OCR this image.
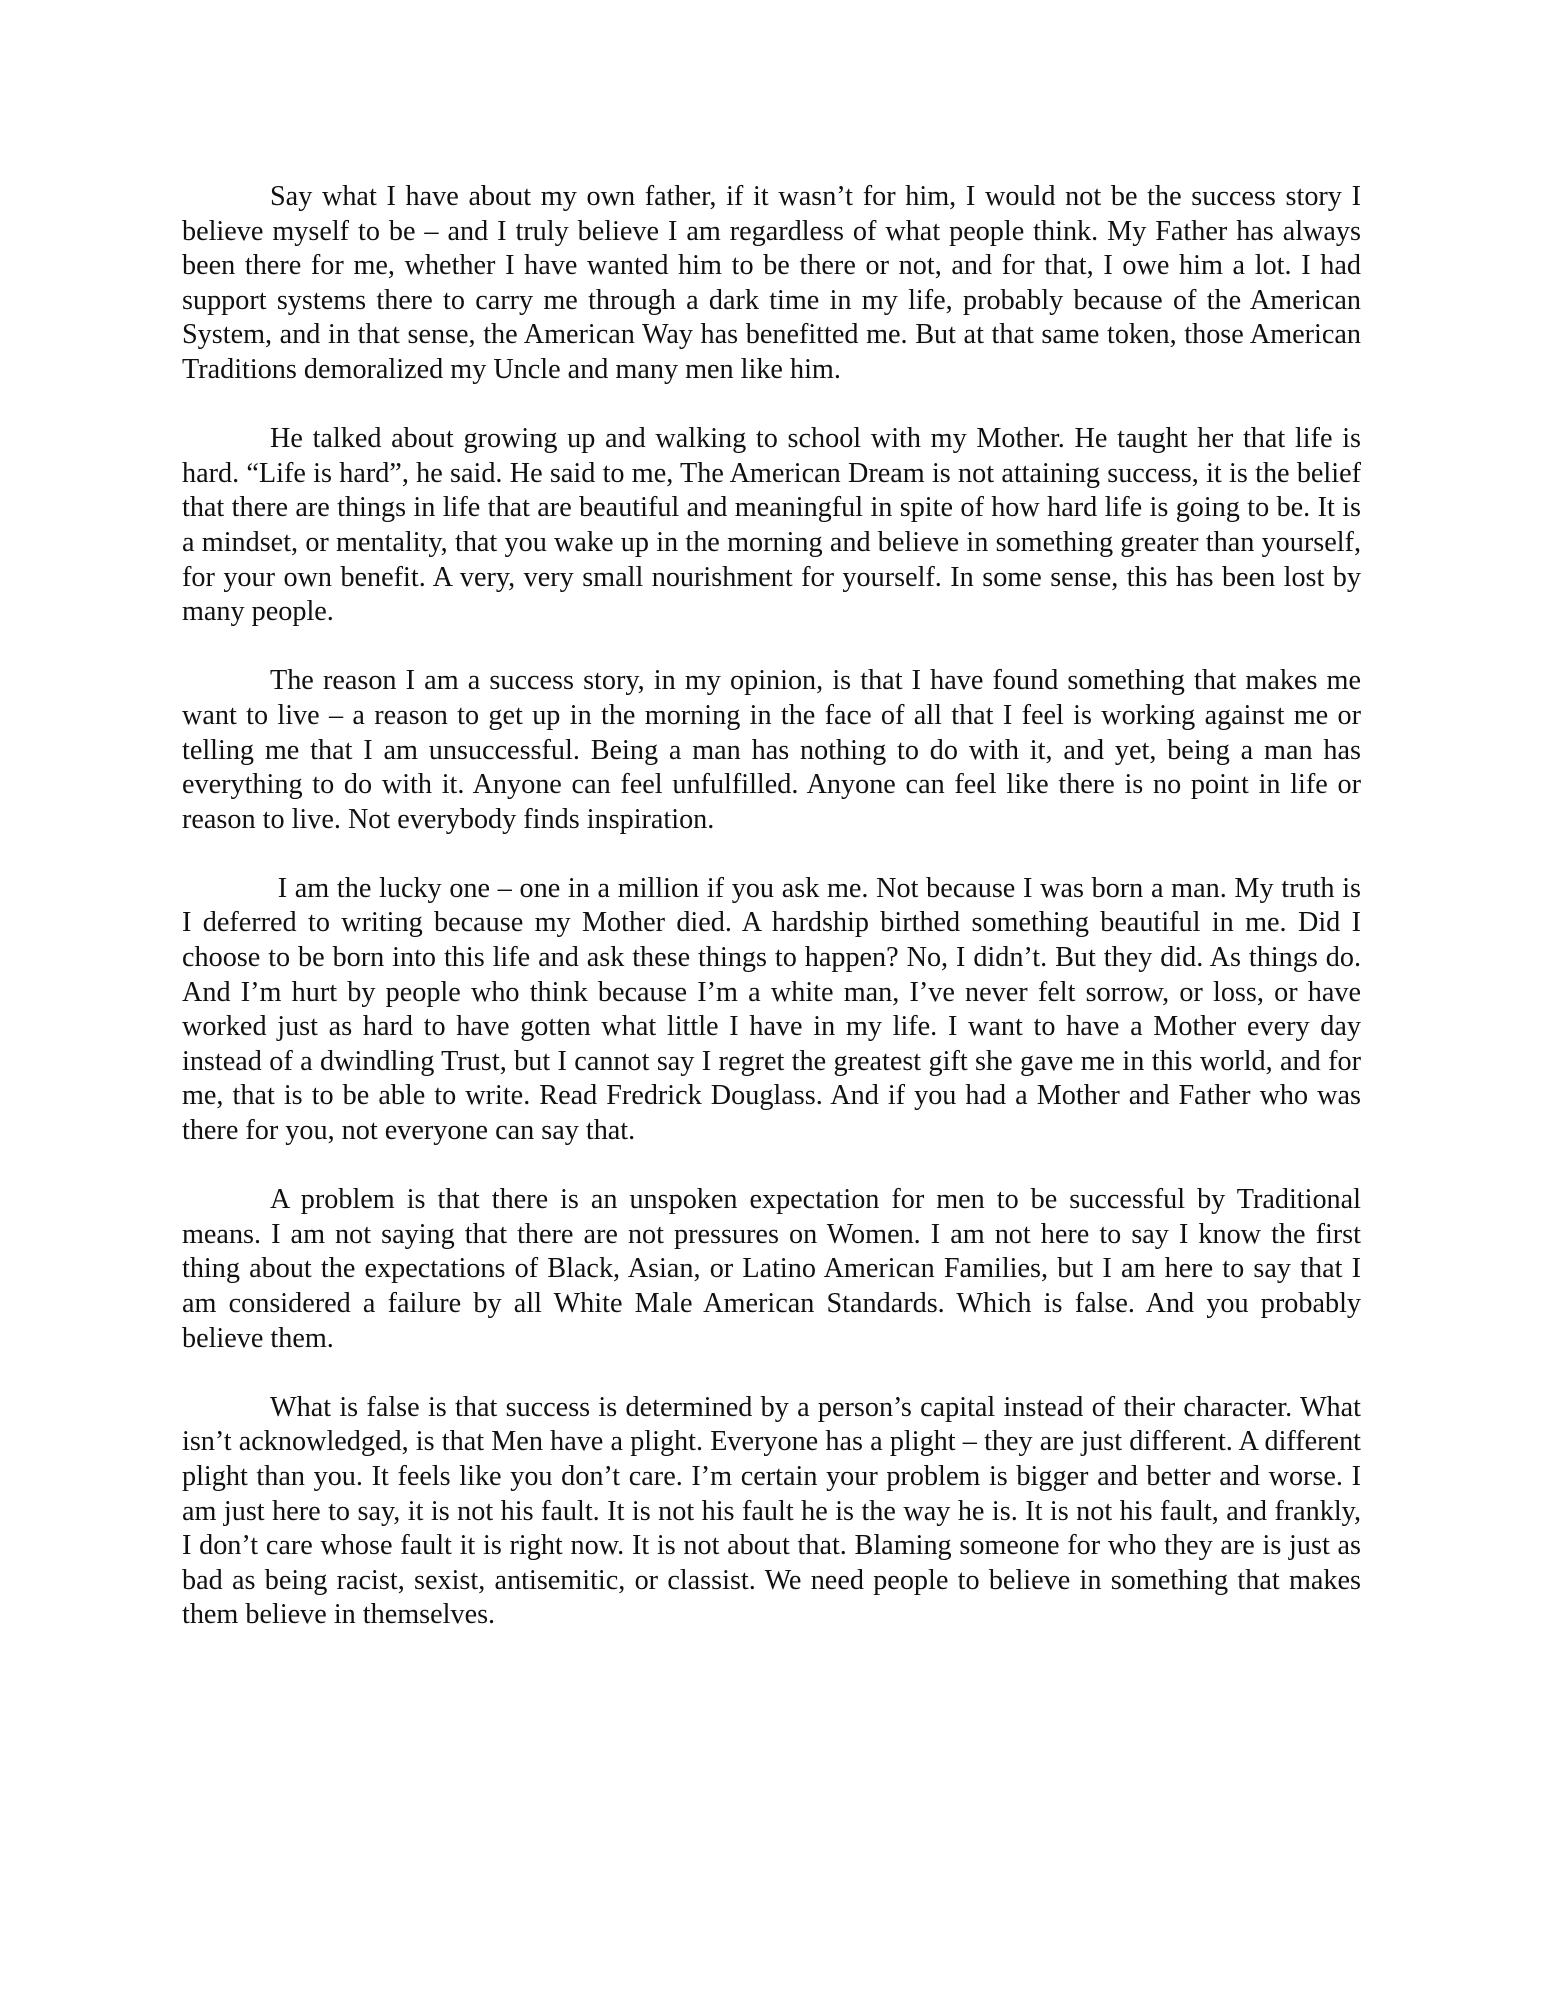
Say what I have about my own father, if it wasn’t for him, I would not be the success story I believe myself to be – and I truly believe I am regardless of what people think. My Father has always been there for me, whether I have wanted him to be there or not, and for that, I owe him a lot. I had support systems there to carry me through a dark time in my life, probably because of the American System, and in that sense, the American Way has benefitted me. But at that same token, those American Traditions demoralized my Uncle and many men like him.

He talked about growing up and walking to school with my Mother. He taught her that life is hard. “Life is hard”, he said. He said to me, The American Dream is not attaining success, it is the belief that there are things in life that are beautiful and meaningful in spite of how hard life is going to be. It is a mindset, or mentality, that you wake up in the morning and believe in something greater than yourself, for your own benefit. A very, very small nourishment for yourself. In some sense, this has been lost by many people.

The reason I am a success story, in my opinion, is that I have found something that makes me want to live – a reason to get up in the morning in the face of all that I feel is working against me or telling me that I am unsuccessful. Being a man has nothing to do with it, and yet, being a man has everything to do with it. Anyone can feel unfulfilled. Anyone can feel like there is no point in life or reason to live. Not everybody finds inspiration.

I am the lucky one – one in a million if you ask me. Not because I was born a man. My truth is I deferred to writing because my Mother died. A hardship birthed something beautiful in me. Did I choose to be born into this life and ask these things to happen? No, I didn’t. But they did. As things do. And I’m hurt by people who think because I’m a white man, I’ve never felt sorrow, or loss, or have worked just as hard to have gotten what little I have in my life. I want to have a Mother every day instead of a dwindling Trust, but I cannot say I regret the greatest gift she gave me in this world, and for me, that is to be able to write. Read Fredrick Douglass. And if you had a Mother and Father who was there for you, not everyone can say that.

A problem is that there is an unspoken expectation for men to be successful by Traditional means. I am not saying that there are not pressures on Women. I am not here to say I know the first thing about the expectations of Black, Asian, or Latino American Families, but I am here to say that I am considered a failure by all White Male American Standards. Which is false. And you probably believe them.

What is false is that success is determined by a person’s capital instead of their character. What isn’t acknowledged, is that Men have a plight. Everyone has a plight – they are just different. A different plight than you. It feels like you don’t care. I’m certain your problem is bigger and better and worse. I am just here to say, it is not his fault. It is not his fault he is the way he is. It is not his fault, and frankly, I don’t care whose fault it is right now. It is not about that. Blaming someone for who they are is just as bad as being racist, sexist, antisemitic, or classist. We need people to believe in something that makes them believe in themselves.
